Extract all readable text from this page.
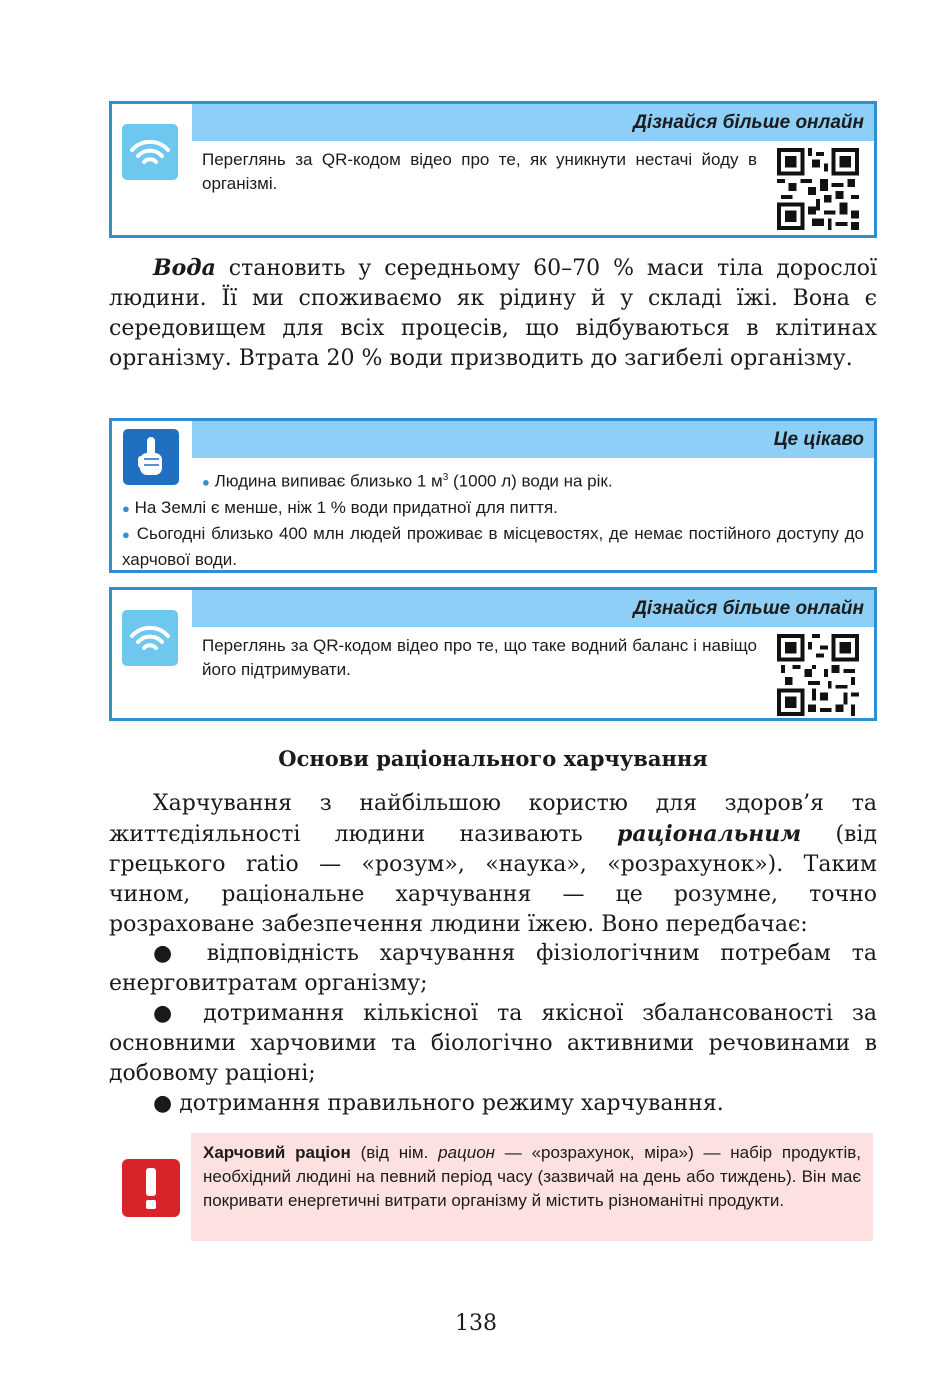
Дізнайся більше онлайн
Переглянь за QR-кодом відео про те, як уникнути нестачі йоду в організмі.

Вода становить у середньому 60–70 % маси тіла дорослої людини. Її ми споживаємо як рідину й у складі їжі. Вона є середовищем для всіх процесів, що відбуваються в клітинах організму. Втрата 20 % води призводить до загибелі організму.

Це цікаво

● Людина випиває близько 1 $м^3$ (1000 л) води на рік.

● На Землі є менше, ніж 1 % води придатної для пиття.

● Сьогодні близько 400 млн людей проживає в місцевостях, де немає постійного доступу до харчової води.

Дізнайся більше онлайн
Переглянь за QR-кодом відео про те, що таке водний баланс і навіщо його підтримувати.
Основи раціонального харчування

Харчування з найбільшою користю для здоров’я та життєдіяльності людини називають раціональним (від грецького ratio — «розум», «наука», «розрахунок»). Таким чином, раціональне харчування — це розумне, точно розраховане забезпечення людини їжею. Воно передбачає:

● відповідність харчування фізіологічним потребам та енерговитратам організму;

● дотримання кількісної та якісної збалансованості за основними харчовими та біологічно активними речовинами в добовому раціоні;

● дотримання правильного режиму харчування.

Харчовий раціон (від нім. рацион — «розрахунок, міра») — набір продуктів, необхідний людині на певний період часу (зазвичай на день або тиждень). Він має покривати енергетичні витрати організму й містить різноманітні продукти.
138
